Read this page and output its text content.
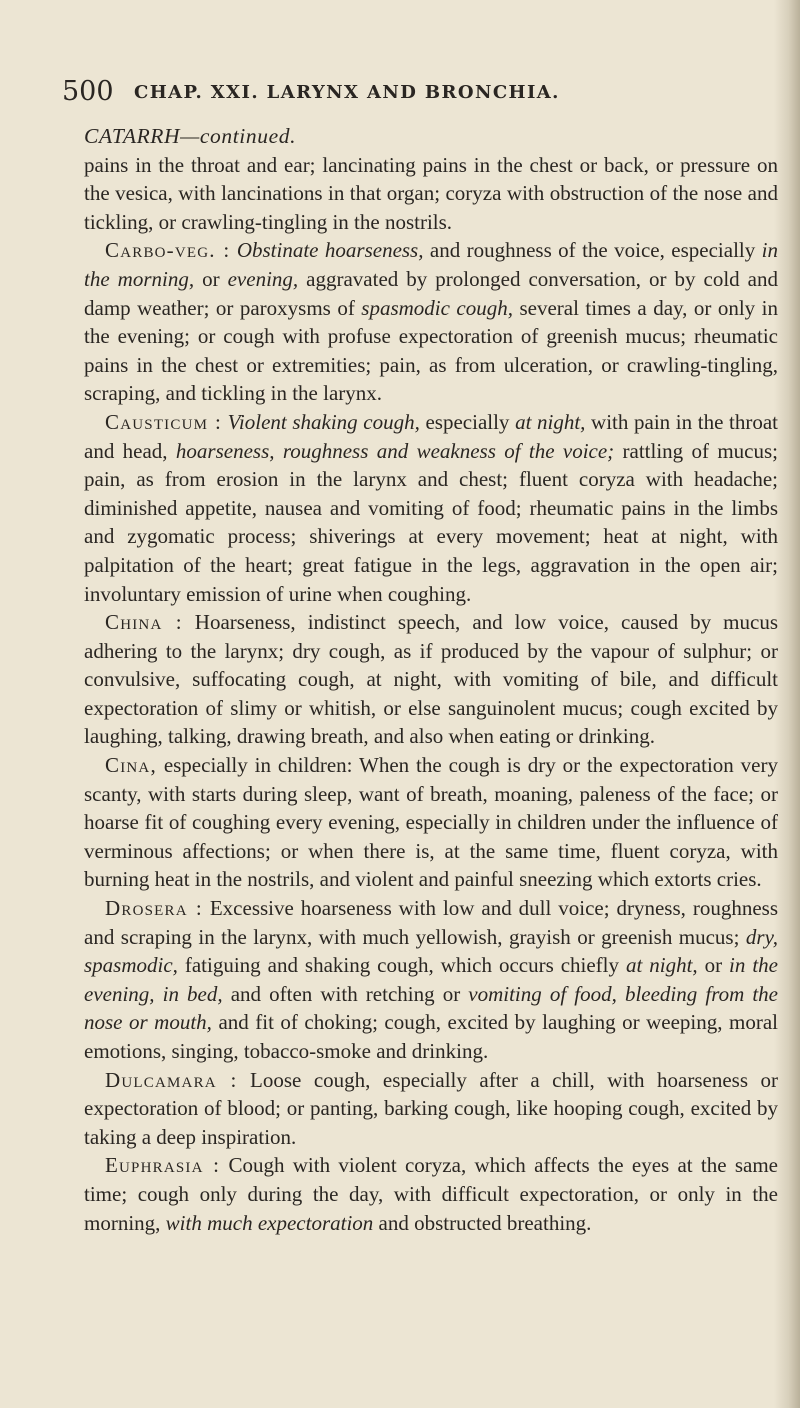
500 CHAP. XXI. LARYNX AND BRONCHIA.
CATARRH—continued.

pains in the throat and ear; lancinating pains in the chest or back, or pressure on the vesica, with lancinations in that organ; coryza with obstruction of the nose and tickling, or crawling-tingling in the nostrils.

Carbo-veg. : Obstinate hoarseness, and roughness of the voice, especially in the morning, or evening, aggravated by prolonged conversation, or by cold and damp weather; or paroxysms of spasmodic cough, several times a day, or only in the evening; or cough with profuse expectoration of greenish mucus; rheumatic pains in the chest or extremities; pain, as from ulceration, or crawling-tingling, scraping, and tickling in the larynx.

Causticum : Violent shaking cough, especially at night, with pain in the throat and head, hoarseness, roughness and weakness of the voice; rattling of mucus; pain, as from erosion in the larynx and chest; fluent coryza with headache; diminished appetite, nausea and vomiting of food; rheumatic pains in the limbs and zygomatic process; shiverings at every movement; heat at night, with palpitation of the heart; great fatigue in the legs, aggravation in the open air; involuntary emission of urine when coughing.

China : Hoarseness, indistinct speech, and low voice, caused by mucus adhering to the larynx; dry cough, as if produced by the vapour of sulphur; or convulsive, suffocating cough, at night, with vomiting of bile, and difficult expectoration of slimy or whitish, or else sanguinolent mucus; cough excited by laughing, talking, drawing breath, and also when eating or drinking.

Cina, especially in children: When the cough is dry or the expectoration very scanty, with starts during sleep, want of breath, moaning, paleness of the face; or hoarse fit of coughing every evening, especially in children under the influence of verminous affections; or when there is, at the same time, fluent coryza, with burning heat in the nostrils, and violent and painful sneezing which extorts cries.

Drosera : Excessive hoarseness with low and dull voice; dryness, roughness and scraping in the larynx, with much yellowish, grayish or greenish mucus; dry, spasmodic, fatiguing and shaking cough, which occurs chiefly at night, or in the evening, in bed, and often with retching or vomiting of food, bleeding from the nose or mouth, and fit of choking; cough, excited by laughing or weeping, moral emotions, singing, tobacco-smoke and drinking.

Dulcamara : Loose cough, especially after a chill, with hoarseness or expectoration of blood; or panting, barking cough, like hooping cough, excited by taking a deep inspiration.

Euphrasia : Cough with violent coryza, which affects the eyes at the same time; cough only during the day, with difficult expectoration, or only in the morning, with much expectoration and obstructed breathing.
